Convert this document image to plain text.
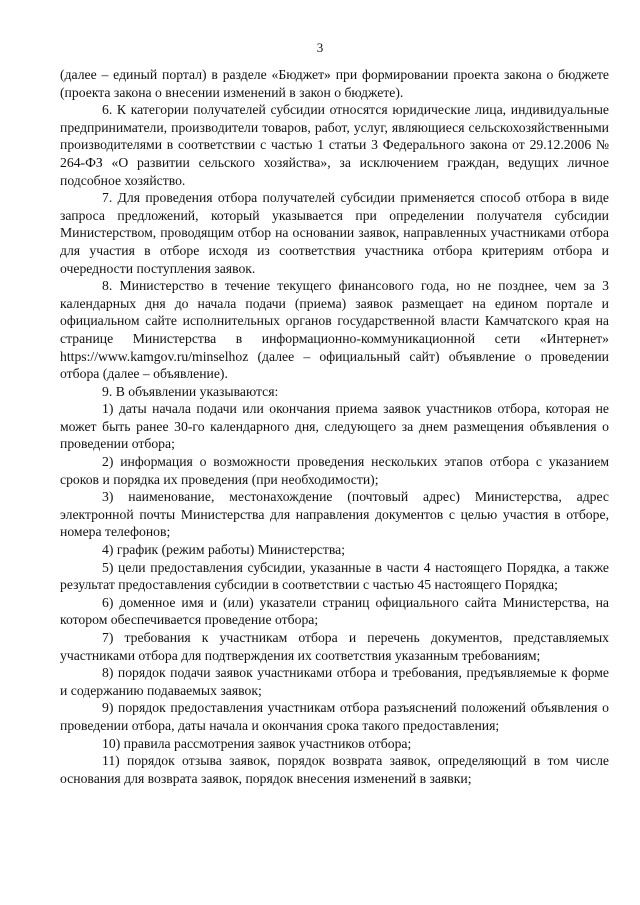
3

(далее – единый портал) в разделе «Бюджет» при формировании проекта закона о бюджете (проекта закона о внесении изменений в закон о бюджете).

6. К категории получателей субсидии относятся юридические лица, индивидуальные предприниматели, производители товаров, работ, услуг, являющиеся сельскохозяйственными производителями в соответствии с частью 1 статьи 3 Федерального закона от 29.12.2006 № 264-ФЗ «О развитии сельского хозяйства», за исключением граждан, ведущих личное подсобное хозяйство.

7. Для проведения отбора получателей субсидии применяется способ отбора в виде запроса предложений, который указывается при определении получателя субсидии Министерством, проводящим отбор на основании заявок, направленных участниками отбора для участия в отборе исходя из соответствия участника отбора критериям отбора и очередности поступления заявок.

8. Министерство в течение текущего финансового года, но не позднее, чем за 3 календарных дня до начала подачи (приема) заявок размещает на едином портале и официальном сайте исполнительных органов государственной власти Камчатского края на странице Министерства в информационно-коммуникационной сети «Интернет» https://www.kamgov.ru/minselhoz (далее – официальный сайт) объявление о проведении отбора (далее – объявление).

9. В объявлении указываются:

1) даты начала подачи или окончания приема заявок участников отбора, которая не может быть ранее 30-го календарного дня, следующего за днем размещения объявления о проведении отбора;

2) информация о возможности проведения нескольких этапов отбора с указанием сроков и порядка их проведения (при необходимости);

3) наименование, местонахождение (почтовый адрес) Министерства, адрес электронной почты Министерства для направления документов с целью участия в отборе, номера телефонов;

4) график (режим работы) Министерства;

5) цели предоставления субсидии, указанные в части 4 настоящего Порядка, а также результат предоставления субсидии в соответствии с частью 45 настоящего Порядка;

6) доменное имя и (или) указатели страниц официального сайта Министерства, на котором обеспечивается проведение отбора;

7) требования к участникам отбора и перечень документов, представляемых участниками отбора для подтверждения их соответствия указанным требованиям;

8) порядок подачи заявок участниками отбора и требования, предъявляемые к форме и содержанию подаваемых заявок;

9) порядок предоставления участникам отбора разъяснений положений объявления о проведении отбора, даты начала и окончания срока такого предоставления;

10) правила рассмотрения заявок участников отбора;

11) порядок отзыва заявок, порядок возврата заявок, определяющий в том числе основания для возврата заявок, порядок внесения изменений в заявки;
